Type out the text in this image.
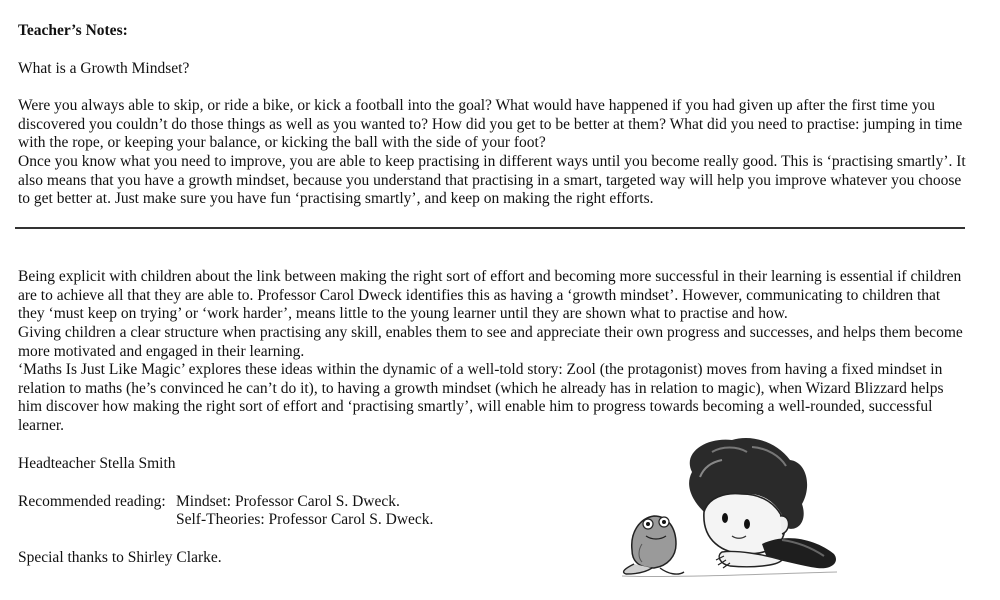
Teacher’s Notes:
What is a Growth Mindset?
Were you always able to skip, or ride a bike, or kick a football into the goal? What would have happened if you had given up after the first time you discovered you couldn’t do those things as well as you wanted to? How did you get to be better at them? What did you need to practise: jumping in time with the rope, or keeping your balance, or kicking the ball with the side of your foot?
Once you know what you need to improve, you are able to keep practising in different ways until you become really good. This is ‘practising smartly’. It also means that you have a growth mindset, because you understand that practising in a smart, targeted way will help you improve whatever you choose to get better at. Just make sure you have fun ‘practising smartly’, and keep on making the right efforts.
Being explicit with children about the link between making the right sort of effort and becoming more successful in their learning is essential if children are to achieve all that they are able to. Professor Carol Dweck identifies this as having a ‘growth mindset’. However, communicating to children that they ‘must keep on trying’ or ‘work harder’, means little to the young learner until they are shown what to practise and how.
Giving children a clear structure when practising any skill, enables them to see and appreciate their own progress and successes, and helps them become more motivated and engaged in their learning.
‘Maths Is Just Like Magic’ explores these ideas within the dynamic of a well-told story: Zool (the protagonist) moves from having a fixed mindset in relation to maths (he’s convinced he can’t do it), to having a growth mindset (which he already has in relation to magic), when Wizard Blizzard helps him discover how making the right sort of effort and ‘practising smartly’, will enable him to progress towards becoming a well-rounded, successful learner.
Headteacher Stella Smith
Recommended reading: Mindset: Professor Carol S. Dweck.
Self-Theories: Professor Carol S. Dweck.
Special thanks to Shirley Clarke.
